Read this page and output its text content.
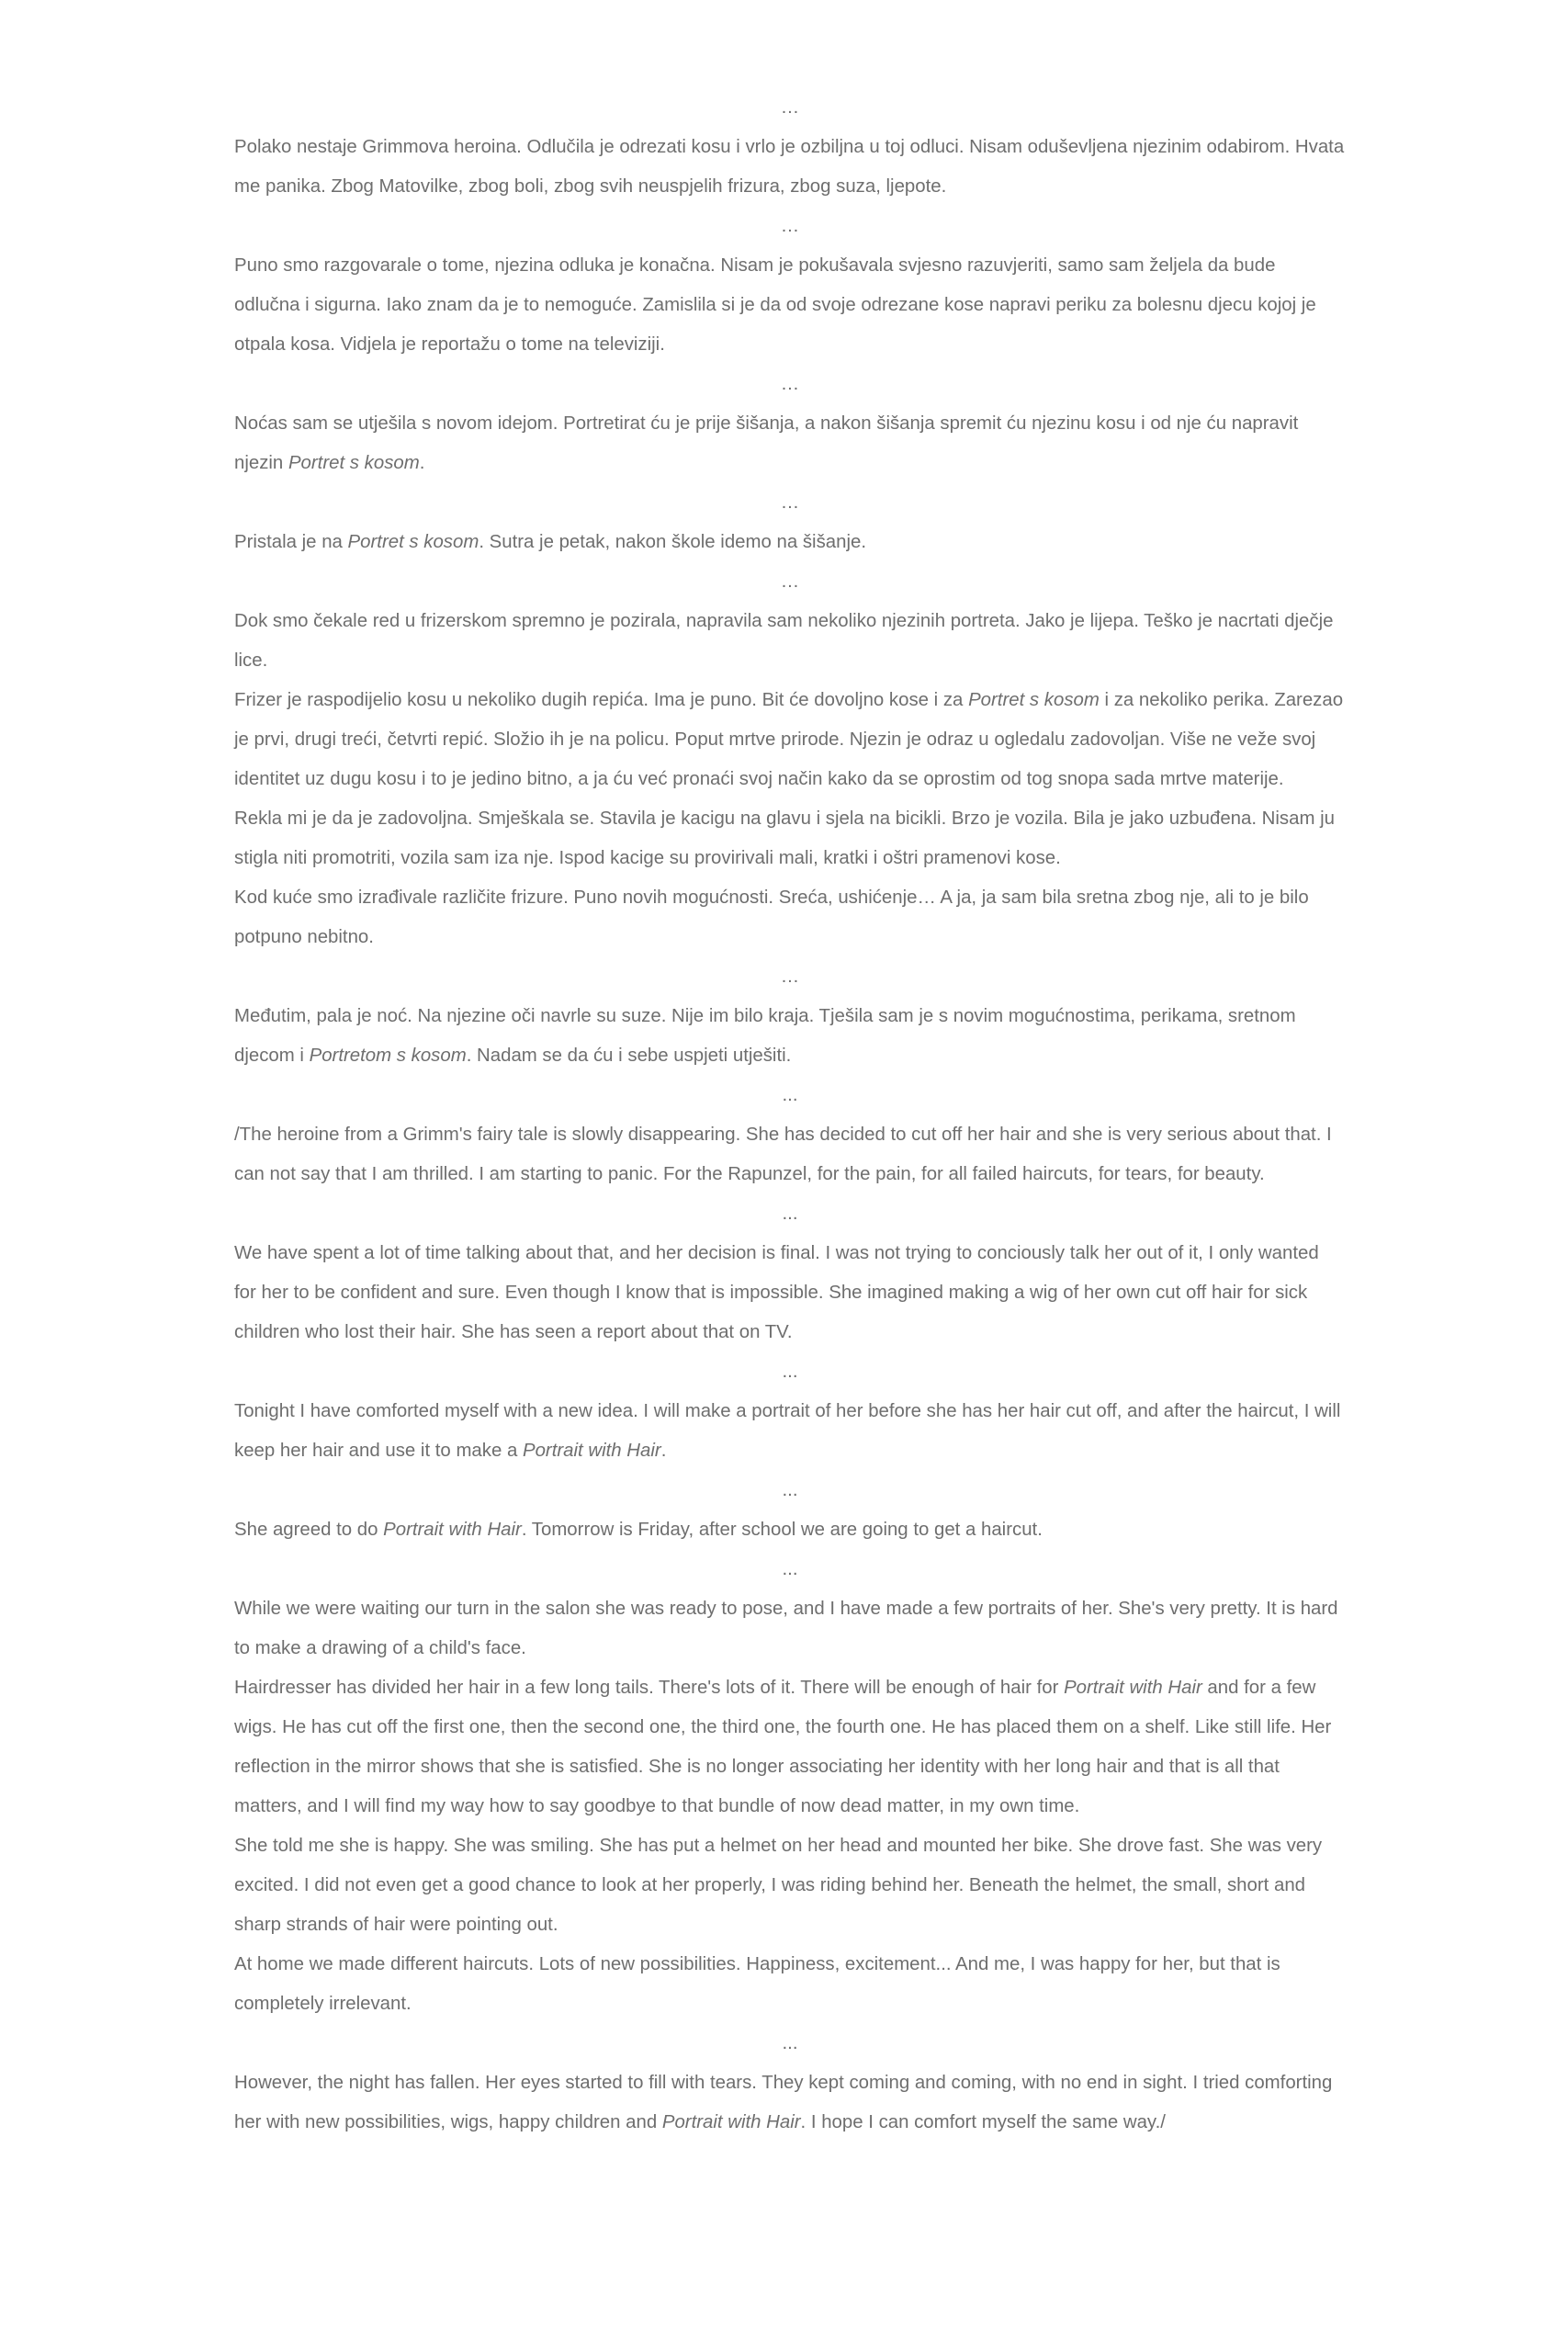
…

Polako nestaje Grimmova heroina. Odlučila je odrezati kosu i vrlo je ozbiljna u toj odluci. Nisam oduševljena njezinim odabirom. Hvata me panika. Zbog Matovilke, zbog boli, zbog svih neuspjelih frizura, zbog suza, ljepote.

…

Puno smo razgovarale o tome, njezina odluka je konačna. Nisam je pokušavala svjesno razuvjeriti, samo sam željela da bude odlučna i sigurna. Iako znam da je to nemoguće. Zamislila si je da od svoje odrezane kose napravi periku za bolesnu djecu kojoj je otpala kosa. Vidjela je reportažu o tome na televiziji.

…

Noćas sam se utješila s novom idejom. Portretirat ću je prije šišanja, a nakon šišanja spremit ću njezinu kosu i od nje ću napravit njezin Portret s kosom.

…

Pristala je na Portret s kosom. Sutra je petak, nakon škole idemo na šišanje.

…

Dok smo čekale red u frizerskom spremno je pozirala, napravila sam nekoliko njezinih portreta. Jako je lijepa. Teško je nacrtati dječje lice.

Frizer je raspodijelio kosu u nekoliko dugih repića. Ima je puno. Bit će dovoljno kose i za Portret s kosom i za nekoliko perika. Zarezao je prvi, drugi treći, četvrti repić. Složio ih je na policu. Poput mrtve prirode. Njezin je odraz u ogledalu zadovoljan. Više ne veže svoj identitet uz dugu kosu i to je jedino bitno, a ja ću već pronaći svoj način kako da se oprostim od tog snopa sada mrtve materije.

Rekla mi je da je zadovoljna. Smješkala se. Stavila je kacigu na glavu i sjela na bicikli. Brzo je vozila. Bila je jako uzbuđena. Nisam ju stigla niti promotriti, vozila sam iza nje. Ispod kacige su provirivali mali, kratki i oštri pramenovi kose.

Kod kuće smo izrađivale različite frizure. Puno novih mogućnosti. Sreća, ushićenje… A ja, ja sam bila sretna zbog nje, ali to je bilo potpuno nebitno.

…

Međutim, pala je noć. Na njezine oči navrle su suze. Nije im bilo kraja. Tješila sam je s novim mogućnostima, perikama, sretnom djecom i Portretom s kosom. Nadam se da ću i sebe uspjeti utješiti.

...

/The heroine from a Grimm's fairy tale is slowly disappearing. She has decided to cut off her hair and she is very serious about that. I can not say that I am thrilled. I am starting to panic. For the Rapunzel, for the pain, for all failed haircuts, for tears, for beauty.

...

We have spent a lot of time talking about that, and her decision is final. I was not trying to conciously talk her out of it, I only wanted for her to be confident and sure. Even though I know that is impossible. She imagined making a wig of her own cut off hair for sick children who lost their hair. She has seen a report about that on TV.

...

Tonight I have comforted myself with a new idea. I will make a portrait of her before she has her hair cut off, and after the haircut, I will keep her hair and use it to make a Portrait with Hair.

...

She agreed to do Portrait with Hair. Tomorrow is Friday, after school we are going to get a haircut.

...

While we were waiting our turn in the salon she was ready to pose, and I have made a few portraits of her. She's very pretty. It is hard to make a drawing of a child's face.

Hairdresser has divided her hair in a few long tails. There's lots of it. There will be enough of hair for Portrait with Hair and for a few wigs. He has cut off the first one, then the second one, the third one, the fourth one. He has placed them on a shelf. Like still life. Her reflection in the mirror shows that she is satisfied. She is no longer associating her identity with her long hair and that is all that matters, and I will find my way how to say goodbye to that bundle of now dead matter, in my own time.

She told me she is happy. She was smiling. She has put a helmet on her head and mounted her bike. She drove fast. She was very excited. I did not even get a good chance to look at her properly, I was riding behind her. Beneath the helmet, the small, short and sharp strands of hair were pointing out.

At home we made different haircuts. Lots of new possibilities. Happiness, excitement... And me, I was happy for her, but that is completely irrelevant.

...

However, the night has fallen. Her eyes started to fill with tears. They kept coming and coming, with no end in sight. I tried comforting her with new possibilities, wigs, happy children and Portrait with Hair. I hope I can comfort myself the same way./
